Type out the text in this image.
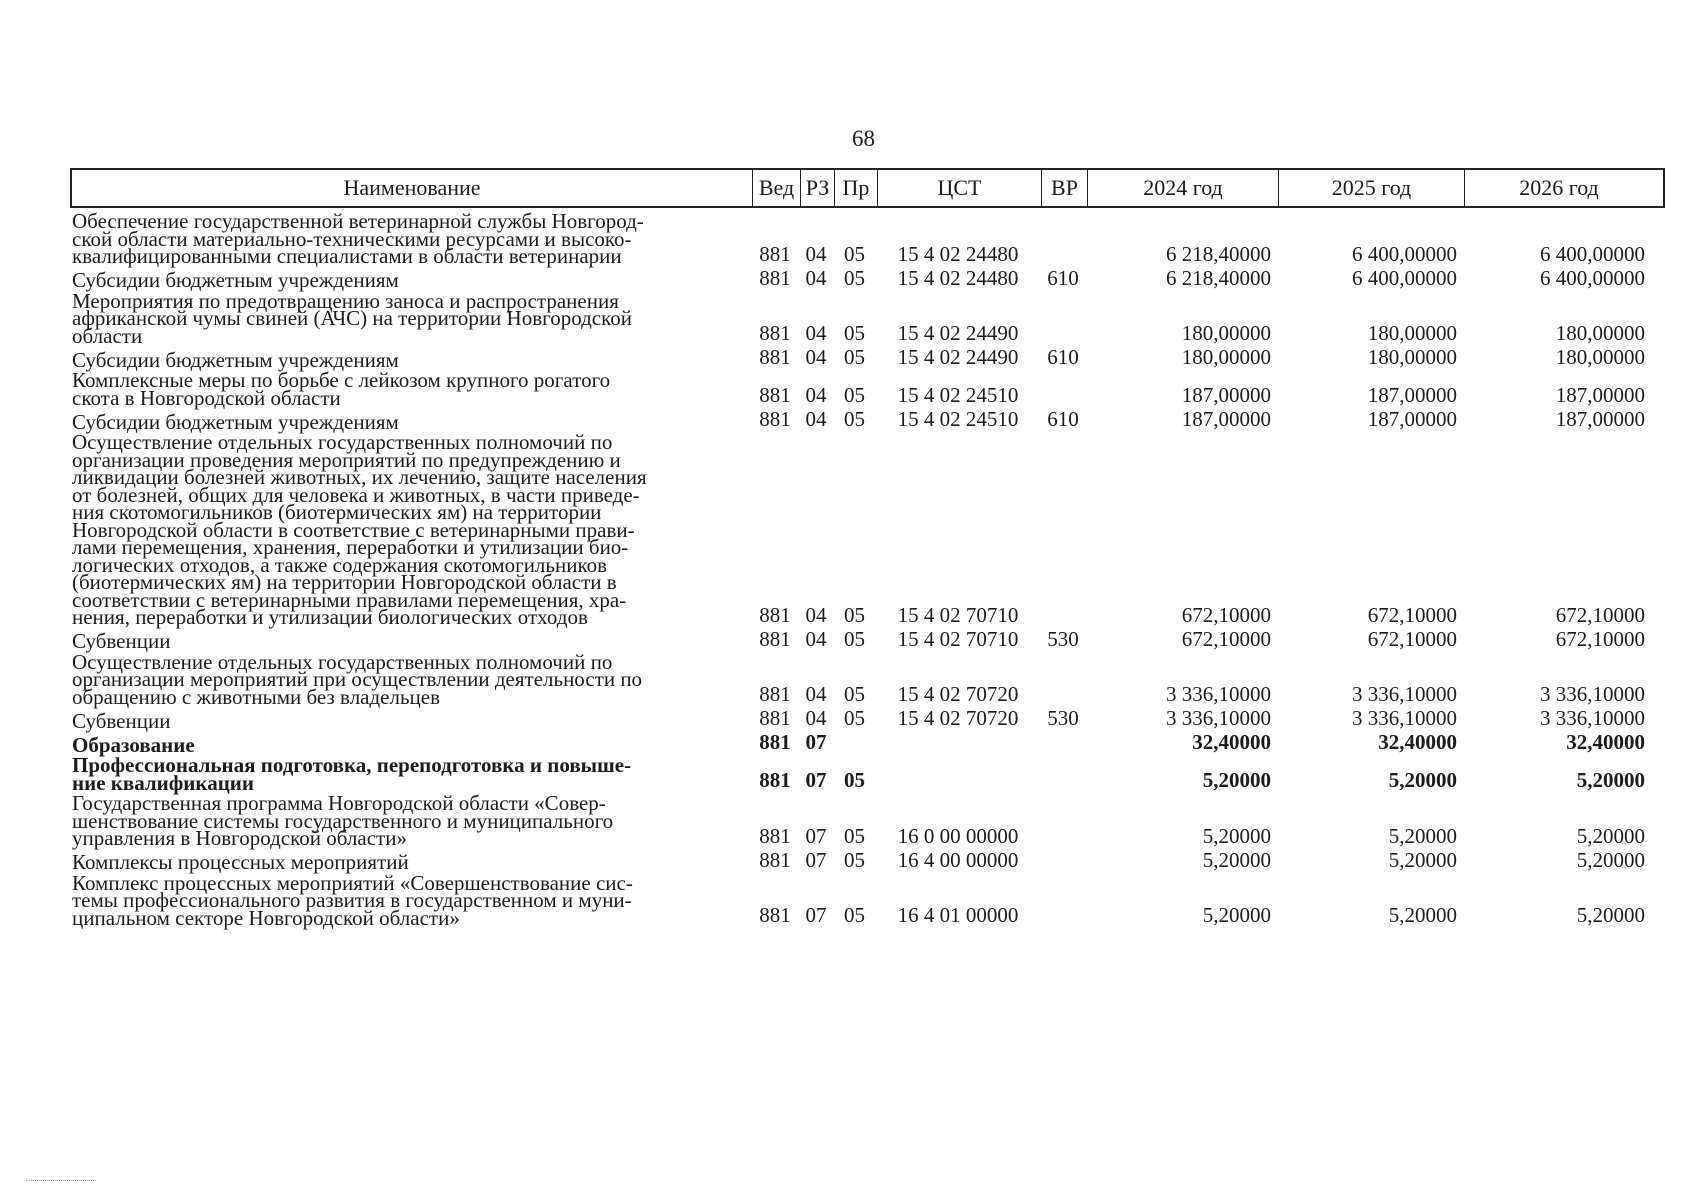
68
Наименование	Вед РЗ Пр	ЦСТ	ВР	2024 год	2025 год	2026 год
Обеспечение государственной ветеринарной службы Новгород-
ской области материально-техническими ресурсами и высоко-
квалифицированными специалистами в области ветеринарии	881 04 05	15 4 02 24480	6 218,40000	6 400,00000	6 400,00000
Субсидии бюджетным учреждениям	881 04 05	15 4 02 24480	610	6 218,40000	6 400,00000	6 400,00000
Мероприятия по предотвращению заноса и распространения
африканской чумы свиней (АЧС) на территории Новгородской
области	881 04 05	15 4 02 24490	180,00000	180,00000	180,00000
Субсидии бюджетным учреждениям	881 04 05	15 4 02 24490	610	180,00000	180,00000	180,00000
Комплексные меры по борьбе с лейкозом крупного рогатого
скота в Новгородской области	881 04 05	15 4 02 24510	187,00000	187,00000	187,00000
Субсидии бюджетным учреждениям	881 04 05	15 4 02 24510	610	187,00000	187,00000	187,00000
Осуществление отдельных государственных полномочий по
организации проведения мероприятий по предупреждению и
ликвидации болезней животных, их лечению, защите населения
от болезней, общих для человека и животных, в части приведе-
ния скотомогильников (биотермических ям) на территории
Новгородской области в соответствие с ветеринарными прави-
лами перемещения, хранения, переработки и утилизации био-
логических отходов, а также содержания скотомогильников
(биотермических ям) на территории Новгородской области в
соответствии с ветеринарными правилами перемещения, хра-
нения, переработки и утилизации биологических отходов	881 04 05	15 4 02 70710	672,10000	672,10000	672,10000
Субвенции	881 04 05	15 4 02 70710	530	672,10000	672,10000	672,10000
Осуществление отдельных государственных полномочий по
организации мероприятий при осуществлении деятельности по
обращению с животными без владельцев	881 04 05	15 4 02 70720	3 336,10000	3 336,10000	3 336,10000
Субвенции	881 04 05	15 4 02 70720	530	3 336,10000	3 336,10000	3 336,10000
Образование	881 07	32,40000	32,40000	32,40000
Профессиональная подготовка, переподготовка и повыше-
ние квалификации	881 07 05	5,20000	5,20000	5,20000
Государственная программа Новгородской области «Совер-
шенствование системы государственного и муниципального
управления в Новгородской области»	881 07 05	16 0 00 00000	5,20000	5,20000	5,20000
Комплексы процессных мероприятий	881 07 05	16 4 00 00000	5,20000	5,20000	5,20000
Комплекс процессных мероприятий «Совершенствование сис-
темы профессионального развития в государственном и муни-
ципальном секторе Новгородской области»	881 07 05	16 4 01 00000	5,20000	5,20000	5,20000
